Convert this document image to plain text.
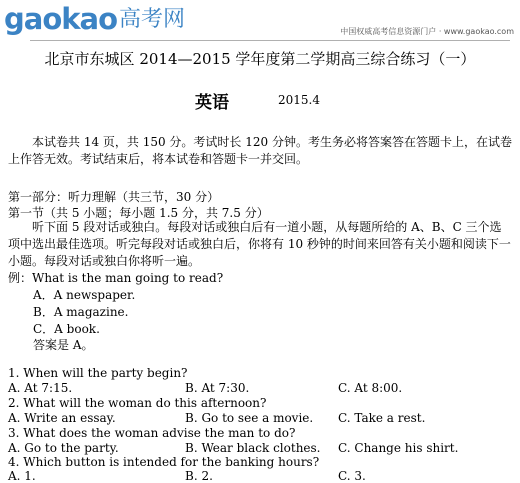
gaokao高考网	中国权威高考信息资源门户 · www.gaokao.com
北京市东城区 2014—2015 学年度第二学期高三综合练习（一）
英语	2015.4
本试卷共 14 页，共 150 分。考试时长 120 分钟。考生务必将答案答在答题卡上，在试卷上作答无效。考试结束后，将本试卷和答题卡一并交回。
第一部分：听力理解（共三节，30 分）
第一节（共 5 小题；每小题 1.5 分，共 7.5 分）
听下面 5 段对话或独白。每段对话或独白后有一道小题，从每题所给的 A、B、C 三个选项中选出最佳选项。听完每段对话或独白后，你将有 10 秒钟的时间来回答有关小题和阅读下一小题。每段对话或独白你将听一遍。
例：What is the man going to read?
A．A newspaper.
B．A magazine.
C．A book.
答案是 A。
1. When will the party begin?
A. At 7:15.	B. At 7:30.	C. At 8:00.
2. What will the woman do this afternoon?
A. Write an essay.	B. Go to see a movie. C. Take a rest.
3. What does the woman advise the man to do?
A. Go to the party.	B. Wear black clothes. C. Change his shirt.
4. Which button is intended for the banking hours?
A. 1.	B. 2.	C. 3.
